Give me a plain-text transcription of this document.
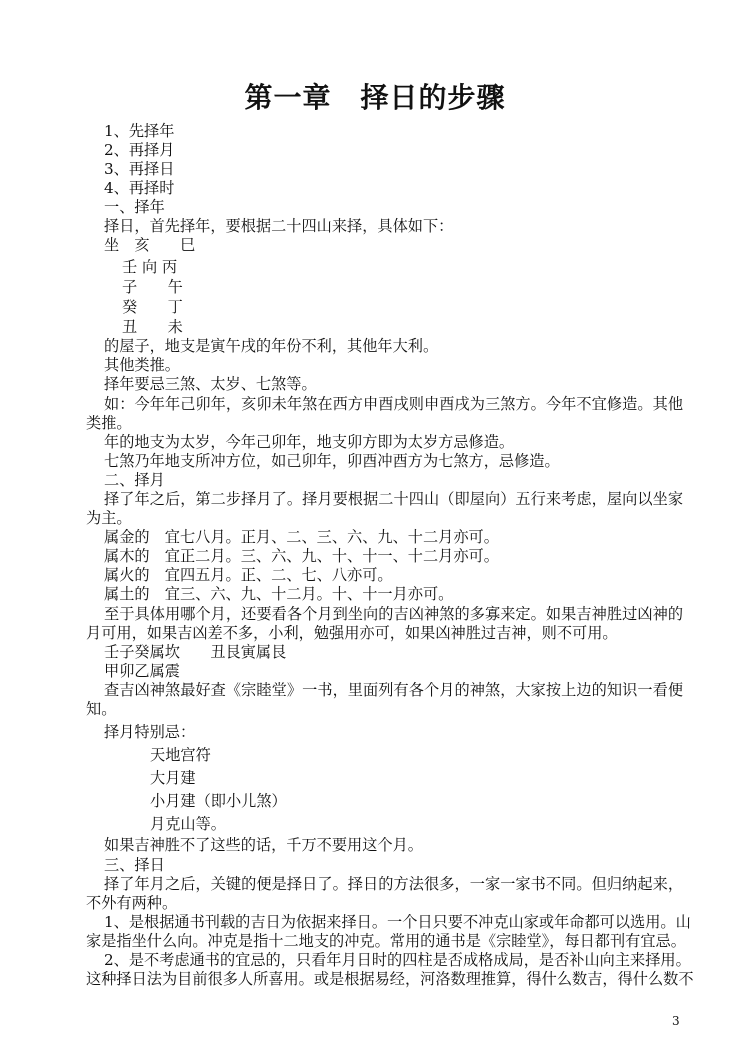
第一章　择日的步骤
1、先择年
2、再择月
3、再择日
4、再择时
一、择年
择日，首先择年，要根据二十四山来择，具体如下：
坐　亥　　巳
壬 向 丙
子　　午
癸　　丁
丑　　未
的屋子，地支是寅午戌的年份不利，其他年大利。
其他类推。
择年要忌三煞、太岁、七煞等。
如：今年年己卯年，亥卯未年煞在西方申酉戌则申酉戌为三煞方。今年不宜修造。其他
类推。
年的地支为太岁，今年己卯年，地支卯方即为太岁方忌修造。
七煞乃年地支所冲方位，如己卯年，卯酉冲酉方为七煞方，忌修造。
二、择月
择了年之后，第二步择月了。择月要根据二十四山（即屋向）五行来考虑，屋向以坐家
为主。
属金的　宜七八月。正月、二、三、六、九、十二月亦可。
属木的　宜正二月。三、六、九、十、十一、十二月亦可。
属火的　宜四五月。正、二、七、八亦可。
属土的　宜三、六、九、十二月。十、十一月亦可。
至于具体用哪个月，还要看各个月到坐向的吉凶神煞的多寡来定。如果吉神胜过凶神的
月可用，如果吉凶差不多，小利，勉强用亦可，如果凶神胜过吉神，则不可用。
壬子癸属坎　　丑艮寅属艮
甲卯乙属震
查吉凶神煞最好查《宗睦堂》一书，里面列有各个月的神煞，大家按上边的知识一看便
知。
择月特别忌：
天地宫符
大月建
小月建（即小儿煞）
月克山等。
如果吉神胜不了这些的话，千万不要用这个月。
三、择日
择了年月之后，关键的便是择日了。择日的方法很多，一家一家书不同。但归纳起来，
不外有两种。
1、是根据通书刊载的吉日为依据来择日。一个日只要不冲克山家或年命都可以选用。山
家是指坐什么向。冲克是指十二地支的冲克。常用的通书是《宗睦堂》，每日都刊有宜忌。
2、是不考虑通书的宜忌的，只看年月日时的四柱是否成格成局，是否补山向主来择用。
这种择日法为目前很多人所喜用。或是根据易经，河洛数理推算，得什么数吉，得什么数不
3
